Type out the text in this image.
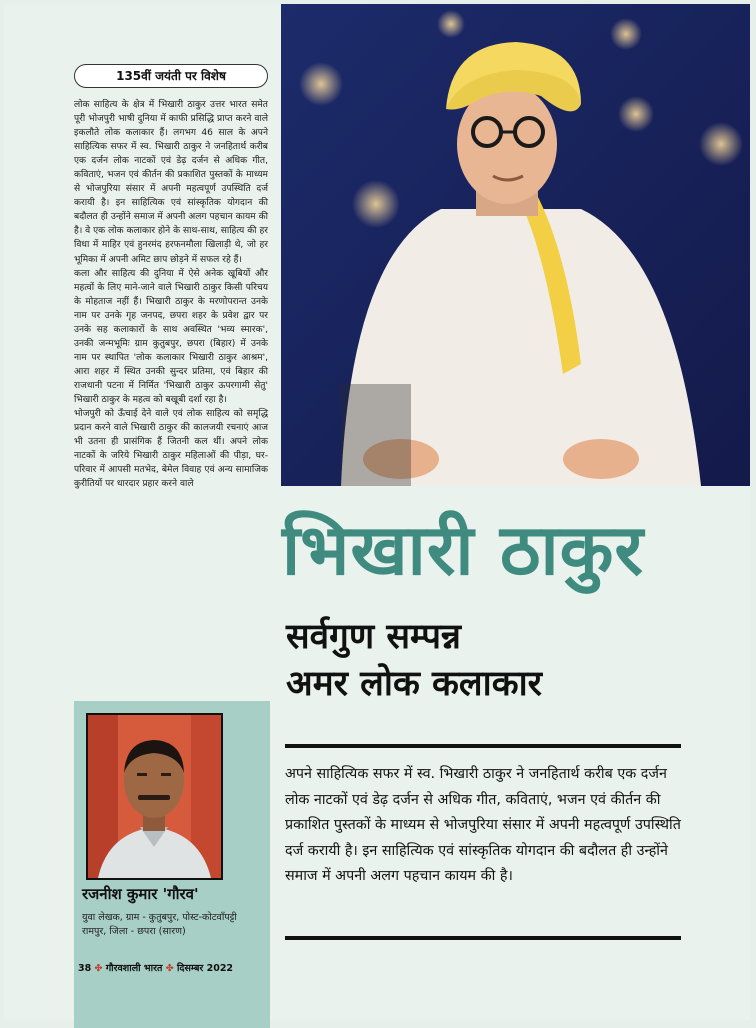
135वीं जयंती पर विशेष

लोक साहित्य के क्षेत्र में भिखारी ठाकुर उत्तर भारत समेत पूरी भोजपुरी भाषी दुनिया में काफी प्रसिद्धि प्राप्त करने वाले इकलौते लोक कलाकार हैं। लगभग 46 साल के अपने साहित्यिक सफर में स्व. भिखारी ठाकुर ने जनहितार्थ करीब एक दर्जन लोक नाटकों एवं डेढ़ दर्जन से अधिक गीत, कविताएं, भजन एवं कीर्तन की प्रकाशित पुस्तकों के माध्यम से भोजपुरिया संसार में अपनी महत्वपूर्ण उपस्थिति दर्ज करायी है। इन साहित्यिक एवं सांस्कृतिक योगदान की बदौलत ही उन्होंने समाज में अपनी अलग पहचान कायम की है। वे एक लोक कलाकार होने के साथ-साथ, साहित्य की हर विधा में माहिर एवं हुनरमंद हरफनमौला खिलाड़ी थे, जो हर भूमिका में अपनी अमिट छाप छोड़ने में सफल रहे हैं।

कला और साहित्य की दुनिया में ऐसे अनेक खूबियों और महत्वों के लिए माने-जाने वाले भिखारी ठाकुर किसी परिचय के मोहताज नहीं हैं। भिखारी ठाकुर के मरणोपरान्त उनके नाम पर उनके गृह जनपद, छपरा शहर के प्रवेश द्वार पर उनके सह कलाकारों के साथ अवस्थित 'भव्य स्मारक', उनकी जन्मभूमिः ग्राम कुतुबपुर, छपरा (बिहार) में उनके नाम पर स्थापित 'लोक कलाकार भिखारी ठाकुर आश्रम', आरा शहर में स्थित उनकी सुन्दर प्रतिमा, एवं बिहार की राजधानी पटना में निर्मित 'भिखारी ठाकुर ऊपरगामी सेतु' भिखारी ठाकुर के महत्व को बखूबी दर्शा रहा है।

भोजपुरी को ऊँचाई देने वाले एवं लोक साहित्य को समृद्धि प्रदान करने वाले भिखारी ठाकुर की कालजयी रचनाएं आज भी उतना ही प्रासंगिक हैं जितनी कल थीं। अपने लोक नाटकों के जरिये भिखारी ठाकुर महिलाओं की पीड़ा, घर-परिवार में आपसी मतभेद, बेमेल विवाह एवं अन्य सामाजिक कुरीतियों पर धारदार प्रहार करने वाले

रजनीश कुमार 'गौरव'
युवा लेखक, ग्राम - कुतुबपुर, पोस्ट-कोटवाँपट्टी रामपुर, जिला - छपरा (सारण)
38 ✤ गौरवशाली भारत ✤ दिसम्बर 2022
भिखारी ठाकुर
सर्वगुण सम्पन्न
अमर लोक कलाकार
अपने साहित्यिक सफर में स्व. भिखारी ठाकुर ने जनहितार्थ करीब एक दर्जन लोक नाटकों एवं डेढ़ दर्जन से अधिक गीत, कविताएं, भजन एवं कीर्तन की प्रकाशित पुस्तकों के माध्यम से भोजपुरिया संसार में अपनी महत्वपूर्ण उपस्थिति दर्ज करायी है। इन साहित्यिक एवं सांस्कृतिक योगदान की बदौलत ही उन्होंने समाज में अपनी अलग पहचान कायम की है।
